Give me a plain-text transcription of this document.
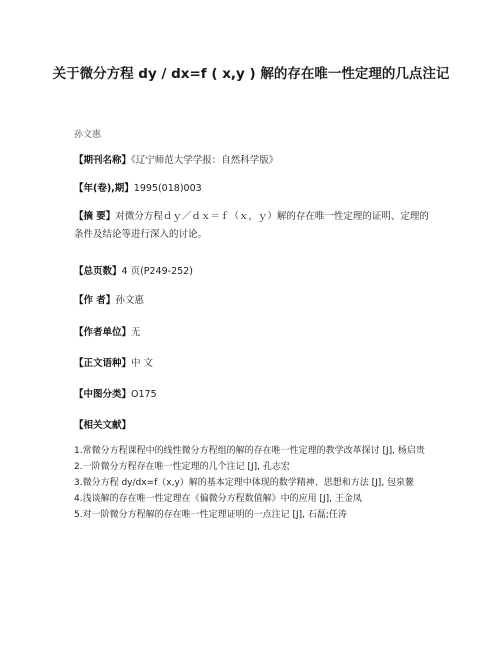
关于微分方程 dy / dx=f ( x,y ) 解的存在唯一性定理的几点注记
孙文惠
【期刊名称】《辽宁师范大学学报：自然科学版》
【年(卷),期】1995(018)003
【摘 要】对微分方程ｄｙ／ｄｘ＝ｆ（ｘ，ｙ）解的存在唯一性定理的证明、定理的条件及结论等进行深入的讨论。
【总页数】4 页(P249-252)
【作 者】孙文惠
【作者单位】无
【正文语种】中 文
【中图分类】O175
【相关文献】
1.常微分方程课程中的线性微分方程组的解的存在唯一性定理的教学改革探讨 [J], 杨启贵
2.一阶微分方程存在唯一性定理的几个注记 [J], 孔志宏
3.微分方程 dy/dx=f（x,y）解的基本定理中体现的数学精神、思想和方法 [J], 包泉鳌
4.浅谈解的存在唯一性定理在《偏微分方程数值解》中的应用 [J], 王金凤
5.对一阶微分方程解的存在唯一性定理证明的一点注记 [J], 石磊;任涛
